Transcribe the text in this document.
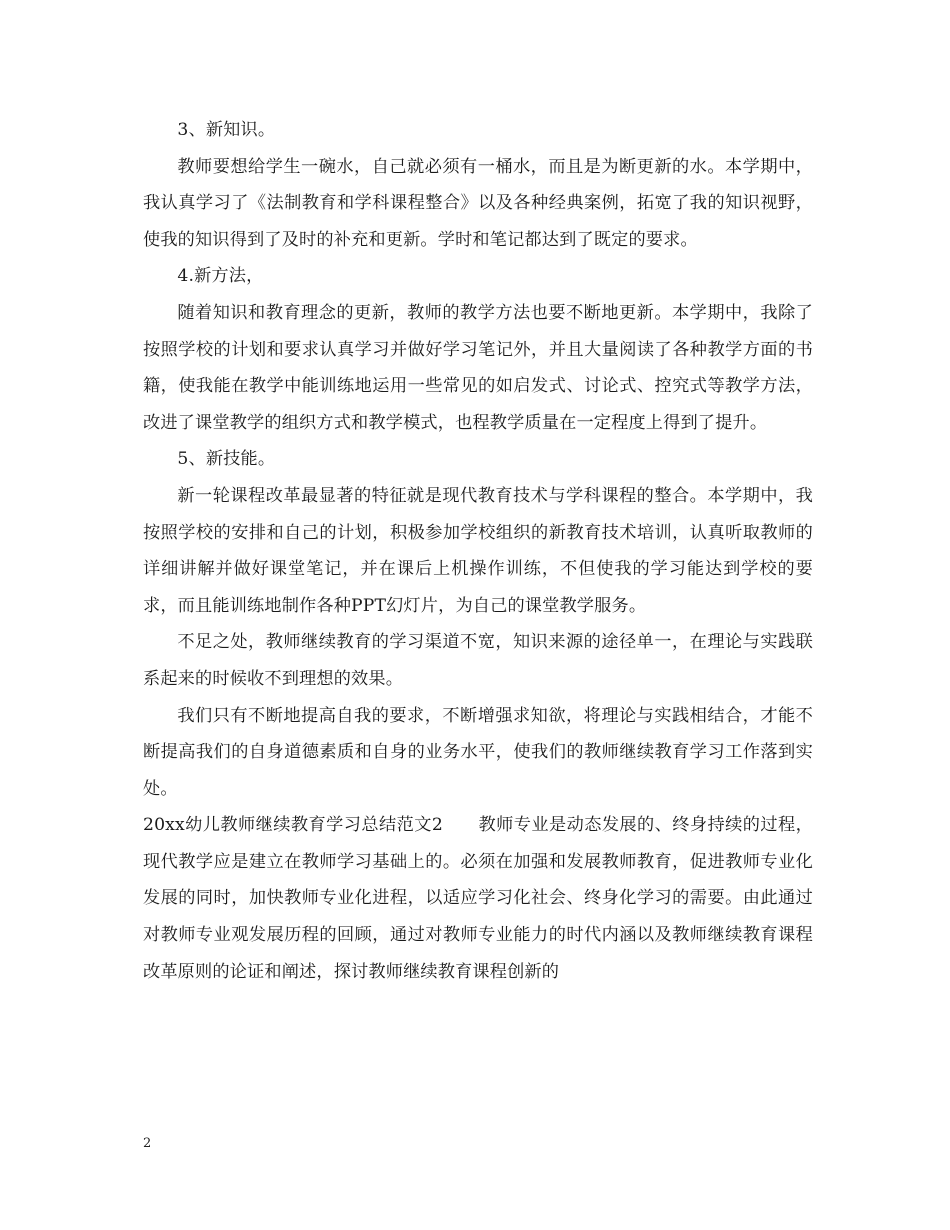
3、新知识。

教师要想给学生一碗水，自己就必须有一桶水，而且是为断更新的水。本学期中，我认真学习了《法制教育和学科课程整合》以及各种经典案例，拓宽了我的知识视野，使我的知识得到了及时的补充和更新。学时和笔记都达到了既定的要求。

4.新方法，

随着知识和教育理念的更新，教师的教学方法也要不断地更新。本学期中，我除了按照学校的计划和要求认真学习并做好学习笔记外，并且大量阅读了各种教学方面的书籍，使我能在教学中能训练地运用一些常见的如启发式、讨论式、控究式等教学方法，改进了课堂教学的组织方式和教学模式，也程教学质量在一定程度上得到了提升。

5、新技能。

新一轮课程改革最显著的特征就是现代教育技术与学科课程的整合。本学期中，我按照学校的安排和自己的计划，积极参加学校组织的新教育技术培训，认真听取教师的详细讲解并做好课堂笔记，并在课后上机操作训练，不但使我的学习能达到学校的要求，而且能训练地制作各种PPT幻灯片，为自己的课堂教学服务。

不足之处，教师继续教育的学习渠道不宽，知识来源的途径单一，在理论与实践联系起来的时候收不到理想的效果。

我们只有不断地提高自我的要求，不断增强求知欲，将理论与实践相结合，才能不断提高我们的自身道德素质和自身的业务水平，使我们的教师继续教育学习工作落到实处。

20xx幼儿教师继续教育学习总结范文2　　教师专业是动态发展的、终身持续的过程，现代教学应是建立在教师学习基础上的。必须在加强和发展教师教育，促进教师专业化发展的同时，加快教师专业化进程，以适应学习化社会、终身化学习的需要。由此通过对教师专业观发展历程的回顾，通过对教师专业能力的时代内涵以及教师继续教育课程改革原则的论证和阐述，探讨教师继续教育课程创新的

2
